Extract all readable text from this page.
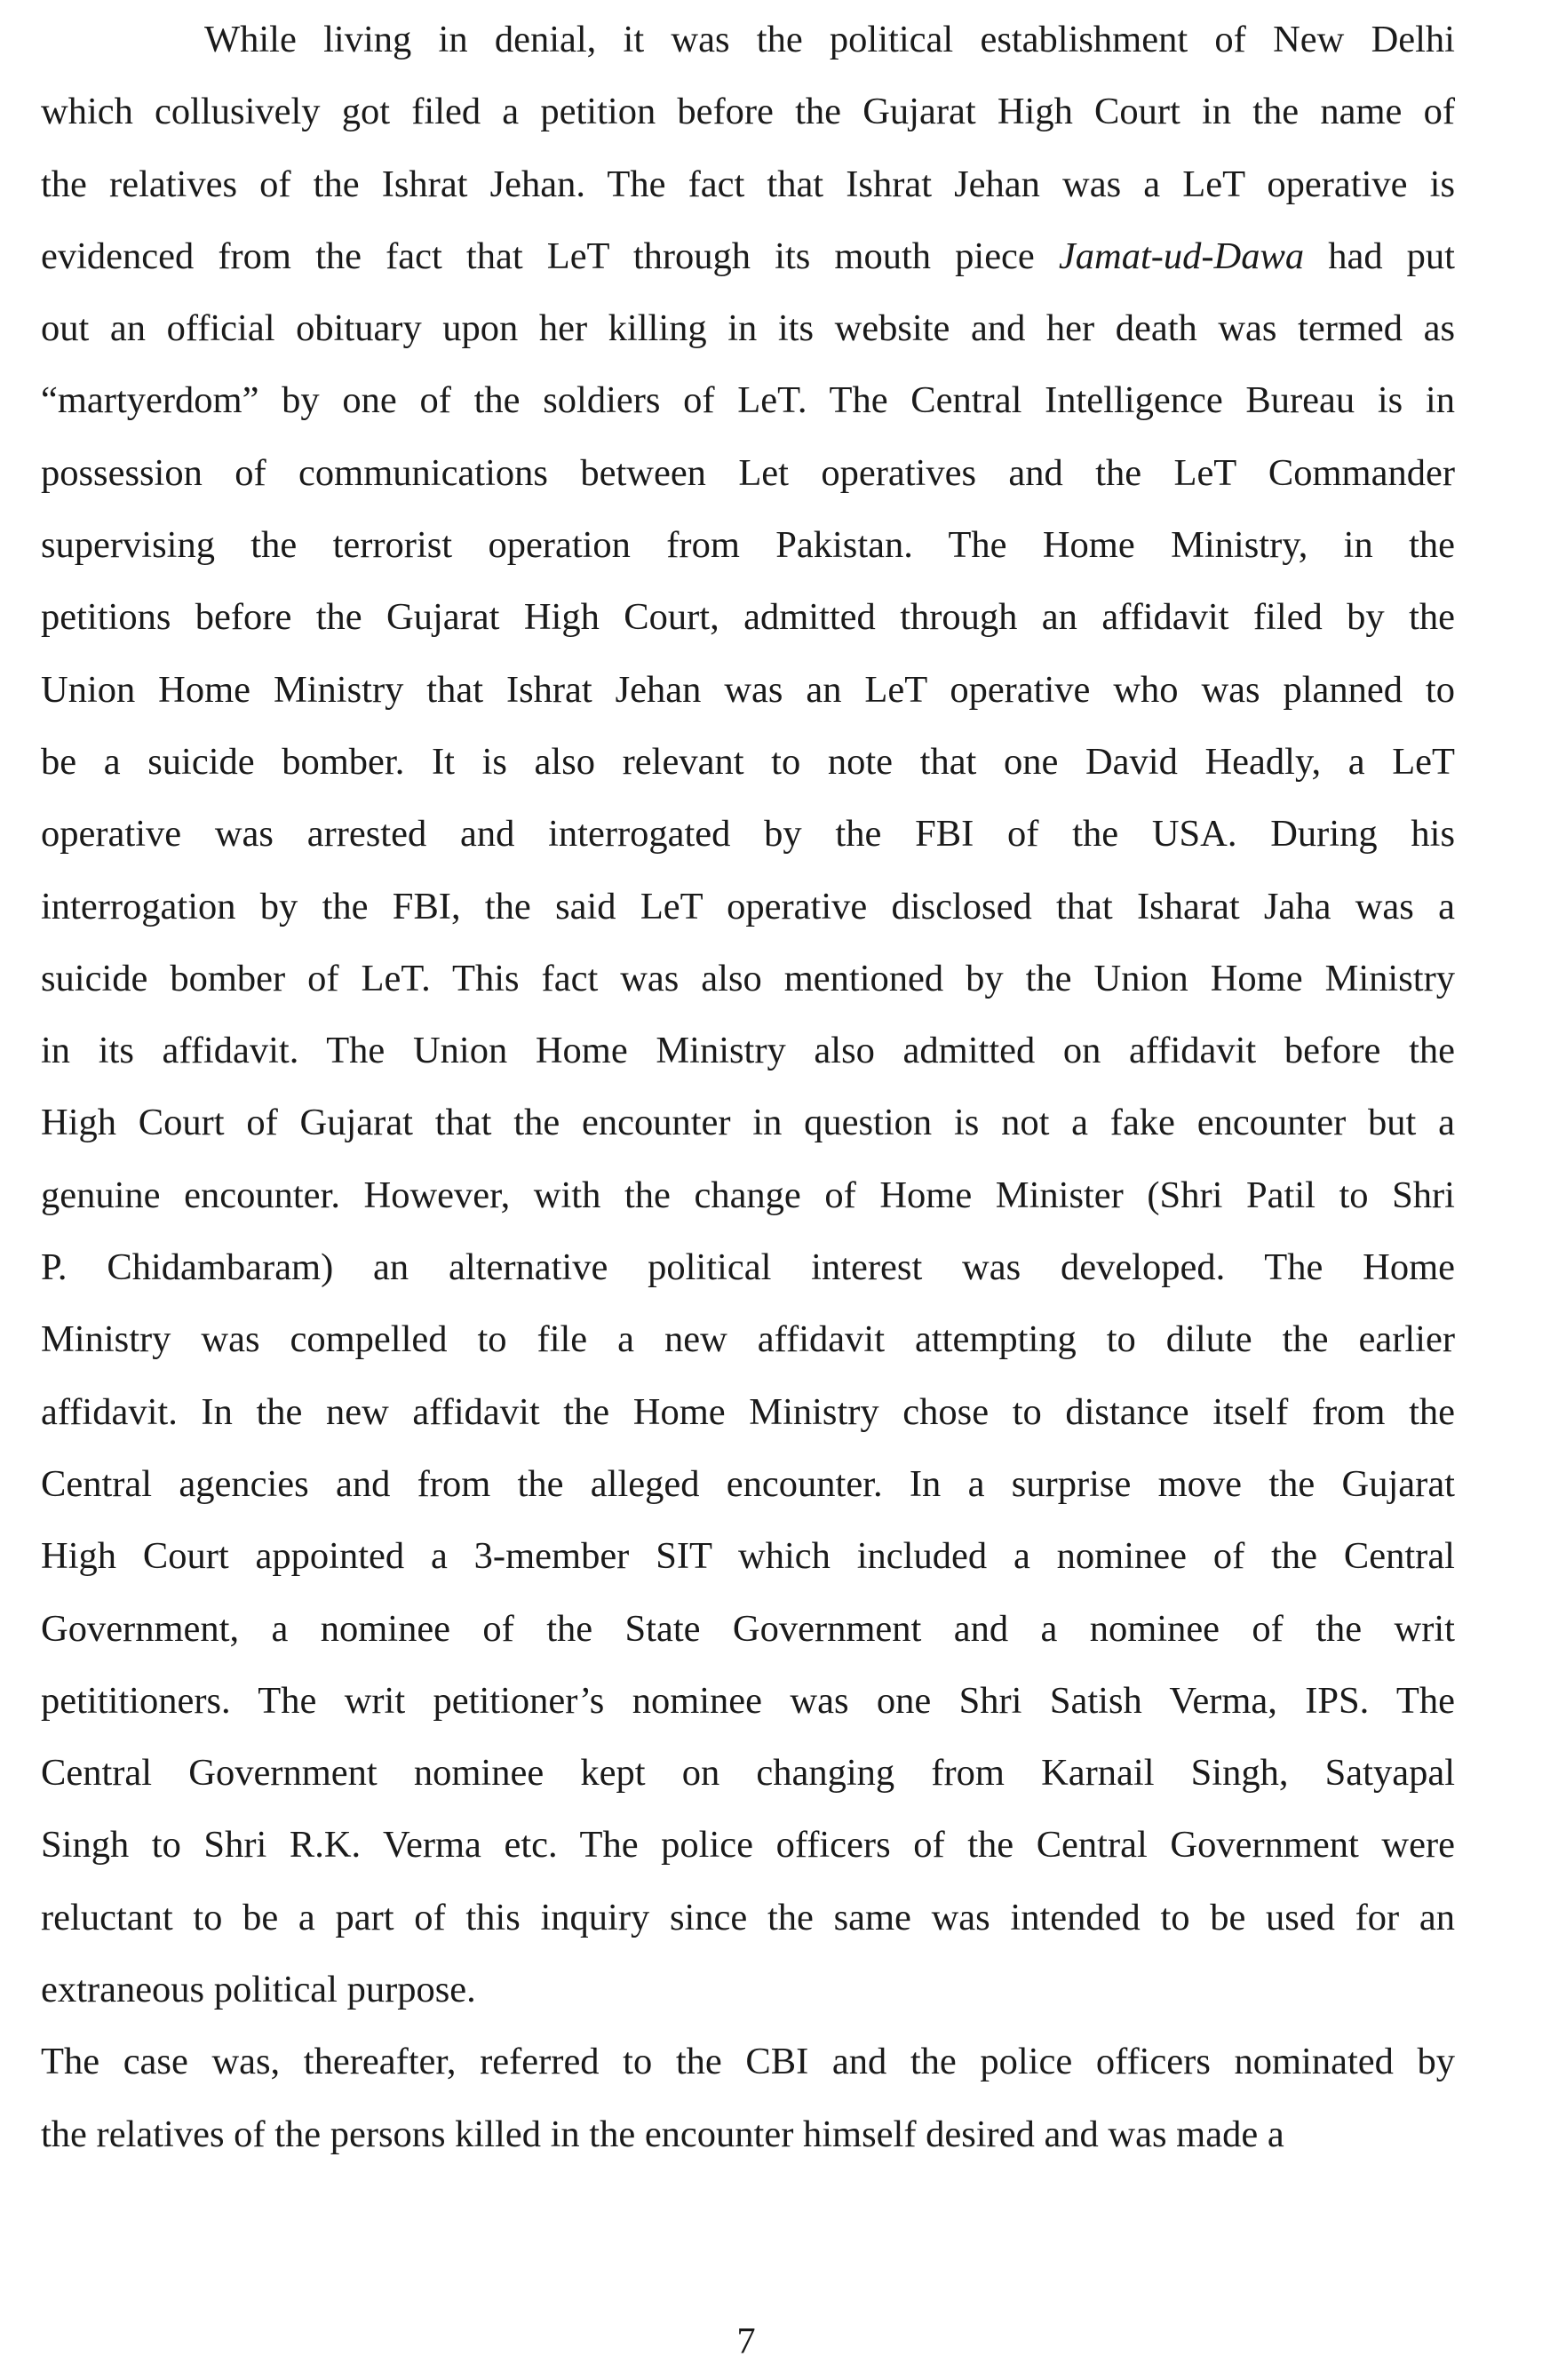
While living in denial, it was the political establishment of New Delhi
which collusively got filed a petition before the Gujarat High Court in the name of
the relatives of the Ishrat Jehan. The fact that Ishrat Jehan was a LeT operative is
evidenced from the fact that LeT through its mouth piece Jamat-ud-Dawa had put
out an official obituary upon her killing in its website and her death was termed as
“martyerdom” by one of the soldiers of LeT. The Central Intelligence Bureau is in
possession of communications between Let operatives and the LeT Commander
supervising the terrorist operation from Pakistan. The Home Ministry, in the
petitions before the Gujarat High Court, admitted through an affidavit filed by the
Union Home Ministry that Ishrat Jehan was an LeT operative who was planned to
be a suicide bomber. It is also relevant to note that one David Headly, a LeT
operative was arrested and interrogated by the FBI of the USA. During his
interrogation by the FBI, the said LeT operative disclosed that Isharat Jaha was a
suicide bomber of LeT. This fact was also mentioned by the Union Home Ministry
in its affidavit. The Union Home Ministry also admitted on affidavit before the
High Court of Gujarat that the encounter in question is not a fake encounter but a
genuine encounter. However, with the change of Home Minister (Shri Patil to Shri
P. Chidambaram) an alternative political interest was developed. The Home
Ministry was compelled to file a new affidavit attempting to dilute the earlier
affidavit. In the new affidavit the Home Ministry chose to distance itself from the
Central agencies and from the alleged encounter. In a surprise move the Gujarat
High Court appointed a 3-member SIT which included a nominee of the Central
Government, a nominee of the State Government and a nominee of the writ
petititioners. The writ petitioner’s nominee was one Shri Satish Verma, IPS. The
Central Government nominee kept on changing from Karnail Singh, Satyapal
Singh to Shri R.K. Verma etc. The police officers of the Central Government were
reluctant to be a part of this inquiry since the same was intended to be used for an
extraneous political purpose.
The case was, thereafter, referred to the CBI and the police officers nominated by
the relatives of the persons killed in the encounter himself desired and was made a
7
